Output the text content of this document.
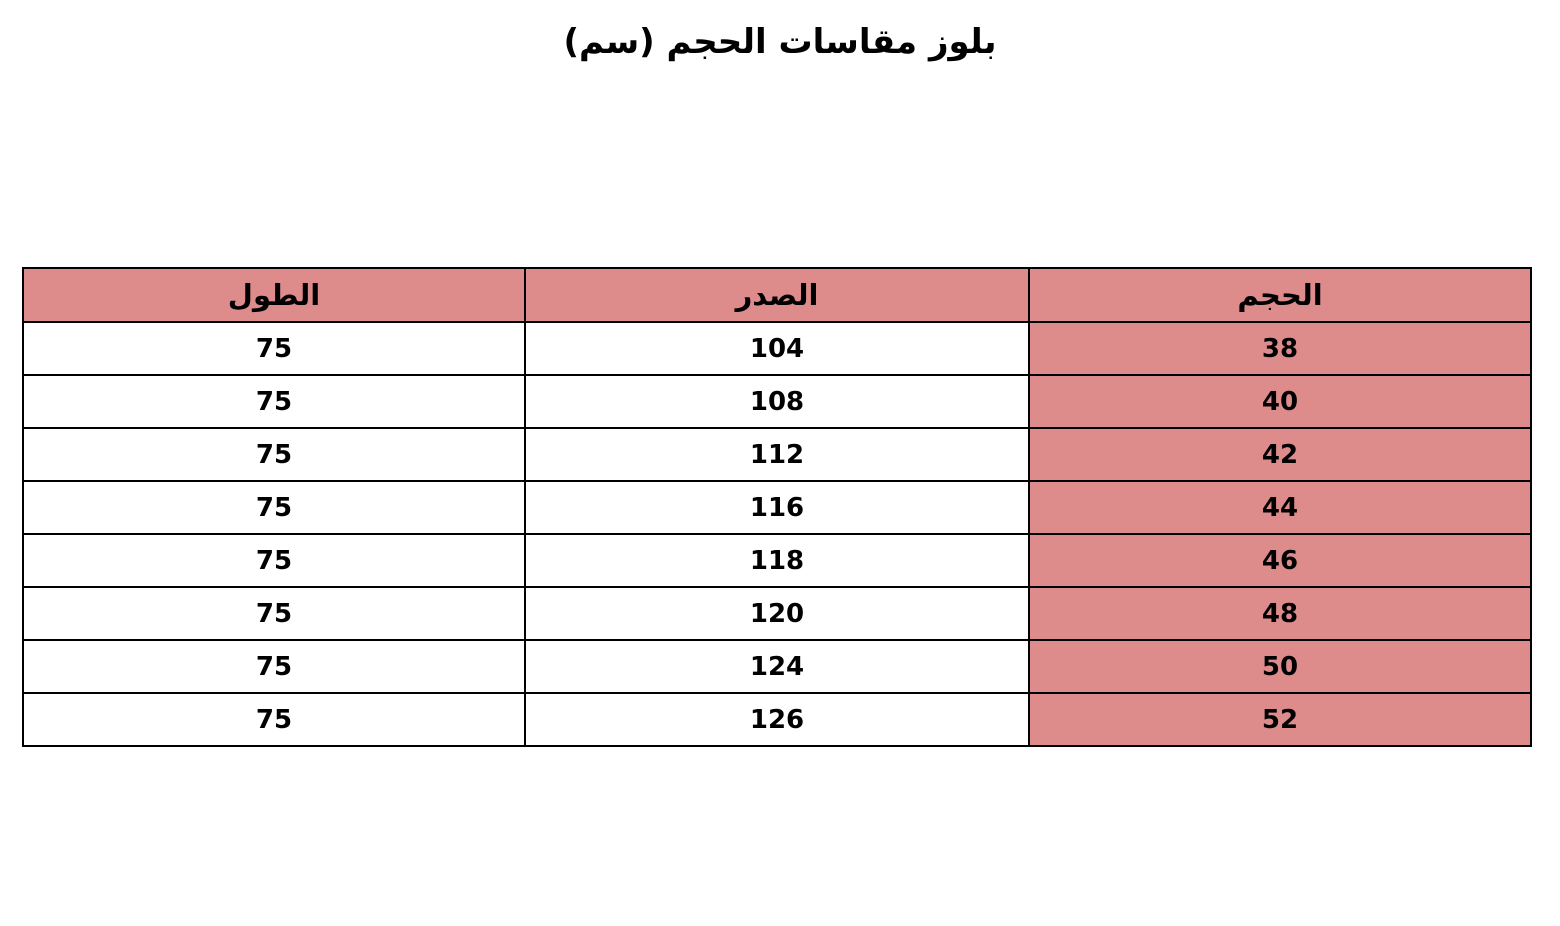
بلوز مقاسات الحجم (سم)
الحجم	الصدر	الطول
38	104	75
40	108	75
42	112	75
44	116	75
46	118	75
48	120	75
50	124	75
52	126	75
